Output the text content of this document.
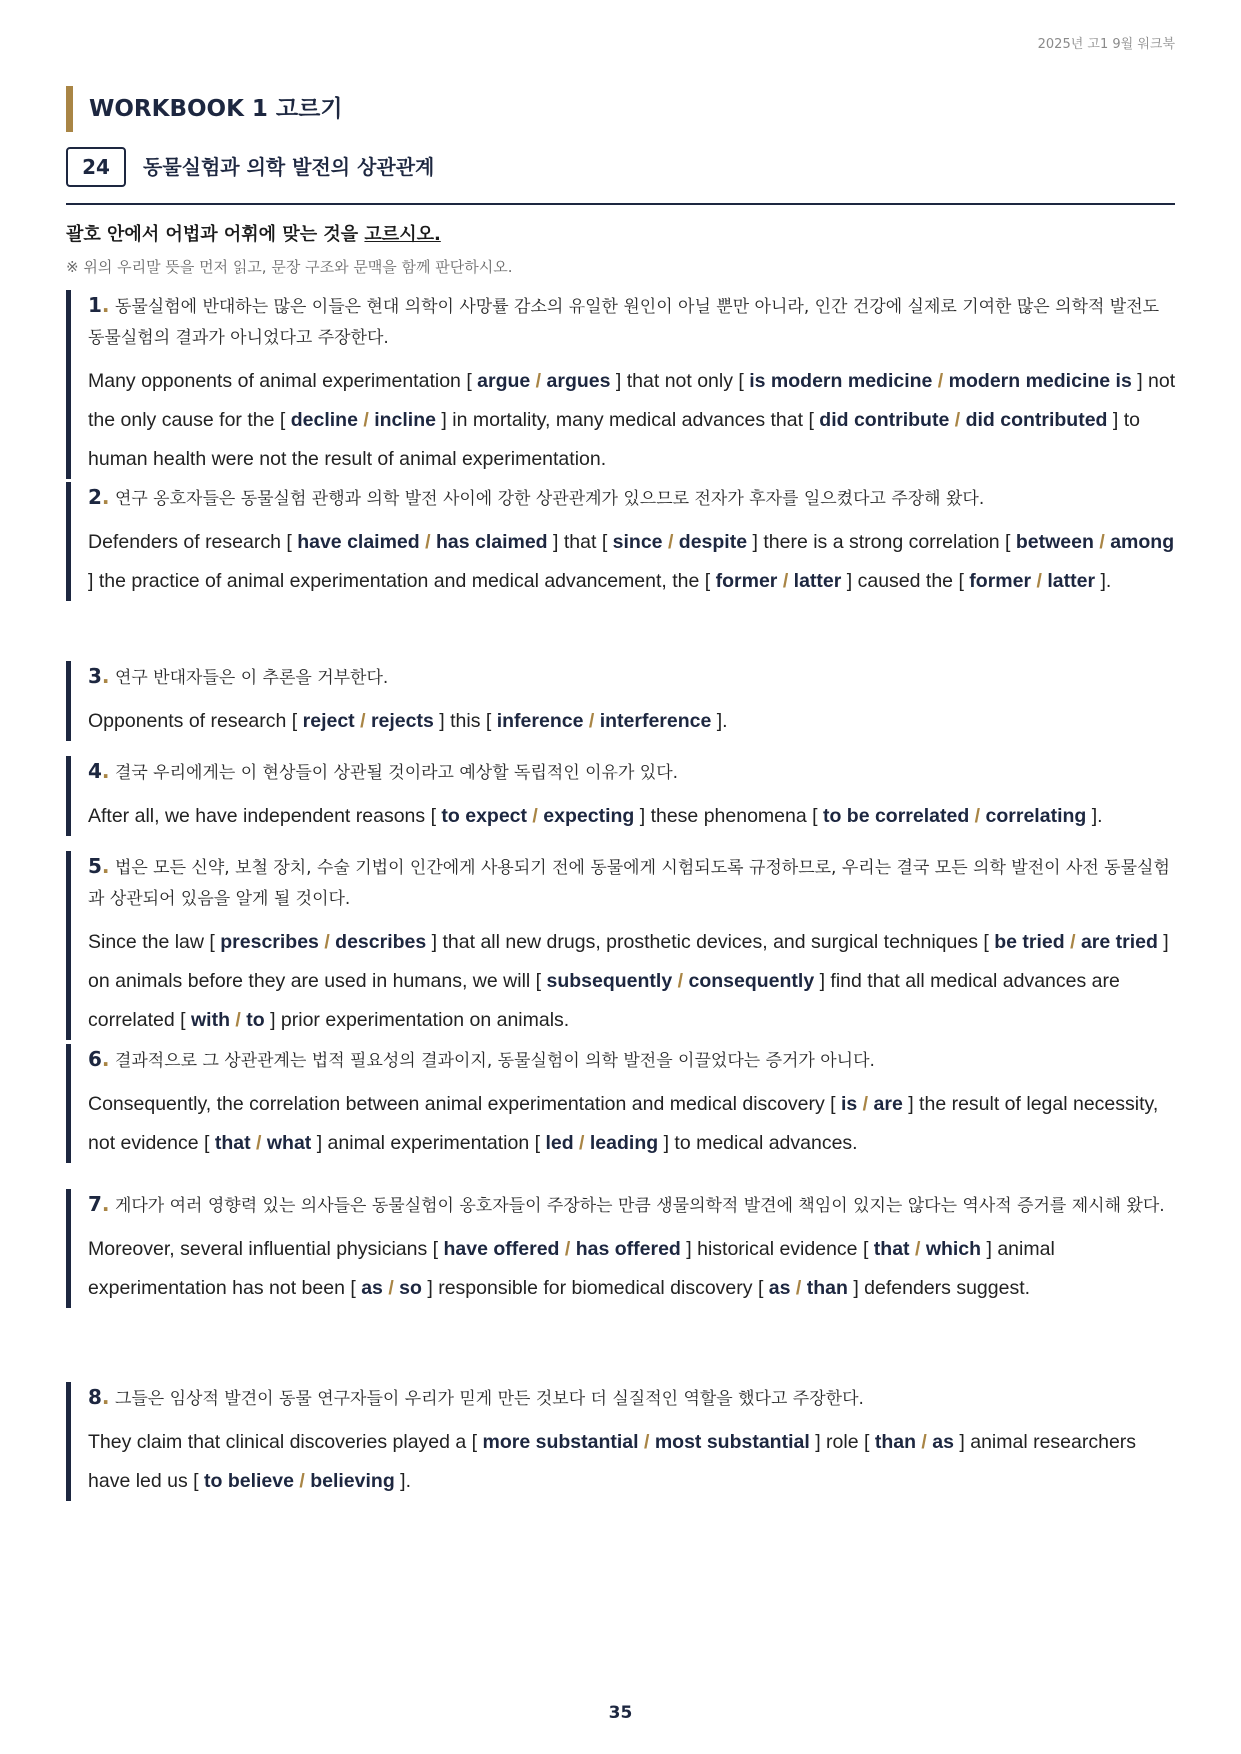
2025년 고1 9월 워크북
WORKBOOK 1 고르기
24	동물실험과 의학 발전의 상관관계
괄호 안에서 어법과 어휘에 맞는 것을 고르시오.
※ 위의 우리말 뜻을 먼저 읽고, 문장 구조와 문맥을 함께 판단하시오.
1. 동물실험에 반대하는 많은 이들은 현대 의학이 사망률 감소의 유일한 원인이 아닐 뿐만 아니라, 인간 건강에 실제로 기여한 많은 의학적 발전도 동물실험의 결과가 아니었다고 주장한다.
Many opponents of animal experimentation [ argue / argues ] that not only [ is modern medicine / modern medicine is ] not the only cause for the [ decline / incline ] in mortality, many medical advances that [ did contribute / did contributed ] to human health were not the result of animal experimentation.
2. 연구 옹호자들은 동물실험 관행과 의학 발전 사이에 강한 상관관계가 있으므로 전자가 후자를 일으켰다고 주장해 왔다.
Defenders of research [ have claimed / has claimed ] that [ since / despite ] there is a strong correlation [ between / among ] the practice of animal experimentation and medical advancement, the [ former / latter ] caused the [ former / latter ].
3. 연구 반대자들은 이 추론을 거부한다.
Opponents of research [ reject / rejects ] this [ inference / interference ].
4. 결국 우리에게는 이 현상들이 상관될 것이라고 예상할 독립적인 이유가 있다.
After all, we have independent reasons [ to expect / expecting ] these phenomena [ to be correlated / correlating ].
5. 법은 모든 신약, 보철 장치, 수술 기법이 인간에게 사용되기 전에 동물에게 시험되도록 규정하므로, 우리는 결국 모든 의학 발전이 사전 동물실험과 상관되어 있음을 알게 될 것이다.
Since the law [ prescribes / describes ] that all new drugs, prosthetic devices, and surgical techniques [ be tried / are tried ] on animals before they are used in humans, we will [ subsequently / consequently ] find that all medical advances are correlated [ with / to ] prior experimentation on animals.
6. 결과적으로 그 상관관계는 법적 필요성의 결과이지, 동물실험이 의학 발전을 이끌었다는 증거가 아니다.
Consequently, the correlation between animal experimentation and medical discovery [ is / are ] the result of legal necessity, not evidence [ that / what ] animal experimentation [ led / leading ] to medical advances.
7. 게다가 여러 영향력 있는 의사들은 동물실험이 옹호자들이 주장하는 만큼 생물의학적 발견에 책임이 있지는 않다는 역사적 증거를 제시해 왔다.
Moreover, several influential physicians [ have offered / has offered ] historical evidence [ that / which ] animal experimentation has not been [ as / so ] responsible for biomedical discovery [ as / than ] defenders suggest.
8. 그들은 임상적 발견이 동물 연구자들이 우리가 믿게 만든 것보다 더 실질적인 역할을 했다고 주장한다.
They claim that clinical discoveries played a [ more substantial / most substantial ] role [ than / as ] animal researchers have led us [ to believe / believing ].
35
